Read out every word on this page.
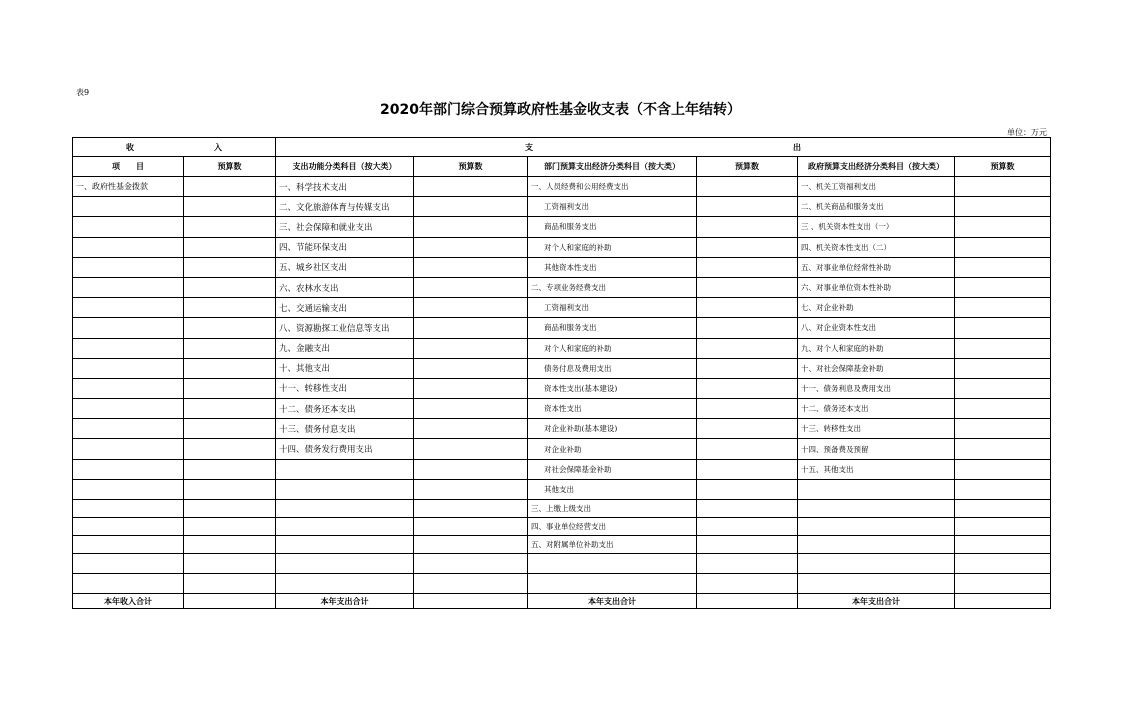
表9
2020年部门综合预算政府性基金收支表（不含上年结转）
单位：万元
收 入		支 出					
项　　目	预算数	支出功能分类科目（按大类）	预算数	部门预算支出经济分类科目（按大类）	预算数	政府预算支出经济分类科目（按大类）	预算数
一、政府性基金拨款		一、科学技术支出		一、人员经费和公用经费支出		一、机关工资福利支出	
		二、文化旅游体育与传媒支出		工资福利支出		二、机关商品和服务支出	
		三、社会保障和就业支出		商品和服务支出		三 、机关资本性支出（一）	
		四、节能环保支出		对个人和家庭的补助		四、机关资本性支出（二）	
		五、城乡社区支出		其他资本性支出		五、对事业单位经常性补助	
		六、农林水支出		二、专项业务经费支出		六、对事业单位资本性补助	
		七、交通运输支出		工资福利支出		七、对企业补助	
		八、资源勘探工业信息等支出		商品和服务支出		八、对企业资本性支出	
		九、金融支出		对个人和家庭的补助		九、对个人和家庭的补助	
		十、其他支出		债务付息及费用支出		十、对社会保障基金补助	
		十一、转移性支出		资本性支出(基本建设)		十一、债务利息及费用支出	
		十二、债务还本支出		资本性支出		十二、债务还本支出	
		十三、债务付息支出		对企业补助(基本建设)		十三、转移性支出	
		十四、债务发行费用支出		对企业补助		十四、预备费及预留	
				对社会保障基金补助		十五、其他支出	
				其他支出			
				三、上缴上级支出			
				四、事业单位经营支出			
				五、对附属单位补助支出			

本年收入合计		本年支出合计		本年支出合计		本年支出合计	
